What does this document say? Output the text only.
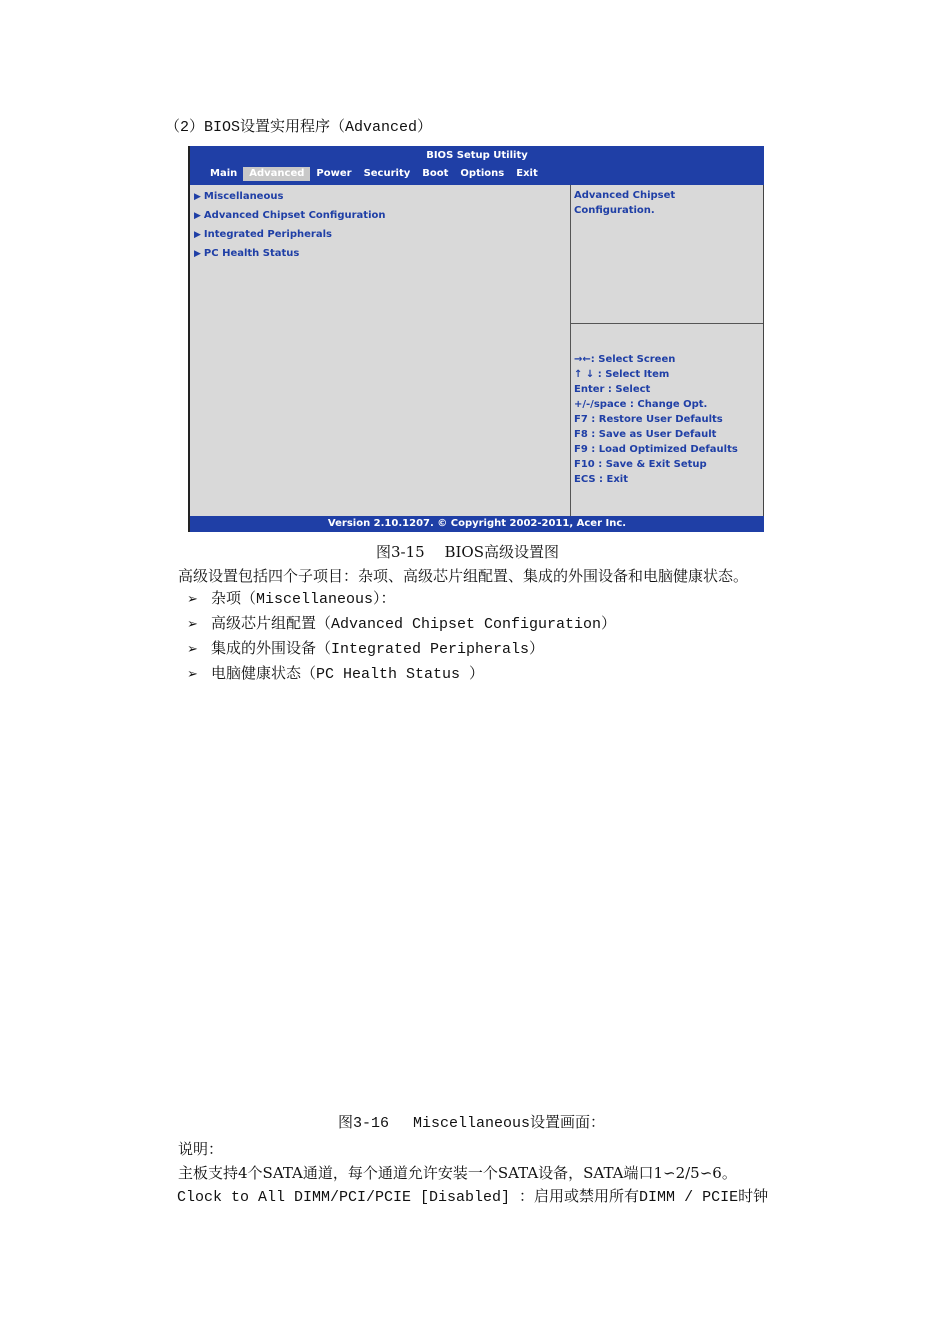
（2）BIOS设置实用程序（Advanced）
BIOS Setup Utility
Main	Advanced	Power	Security	Boot	Options	Exit
▶ Miscellaneous
▶ Advanced Chipset Configuration
▶ Integrated Peripherals
▶ PC Health Status
Advanced Chipset Configuration.
→←: Select Screen
↑ ↓ : Select Item
Enter : Select
+/-/space : Change Opt.
F7 : Restore User Defaults
F8 : Save as User Default
F9 : Load Optimized Defaults
F10 : Save & Exit Setup
ECS : Exit
Version 2.10.1207. © Copyright 2002-2011, Acer Inc.
图3-15　 BIOS高级设置图
高级设置包括四个子项目：杂项、高级芯片组配置、集成的外围设备和电脑健康状态。
➢ 杂项（Miscellaneous）：
➢ 高级芯片组配置（Advanced Chipset Configuration）
➢ 集成的外围设备（Integrated Peripherals）
➢ 电脑健康状态（PC Health Status ）
图3-16　 Miscellaneous设置画面：
说明：
主板支持4个SATA通道，每个通道允许安装一个SATA设备，SATA端口1∽2/5∽6。
Clock to All DIMM/PCI/PCIE [Disabled] ：启用或禁用所有DIMM / PCIE时钟
